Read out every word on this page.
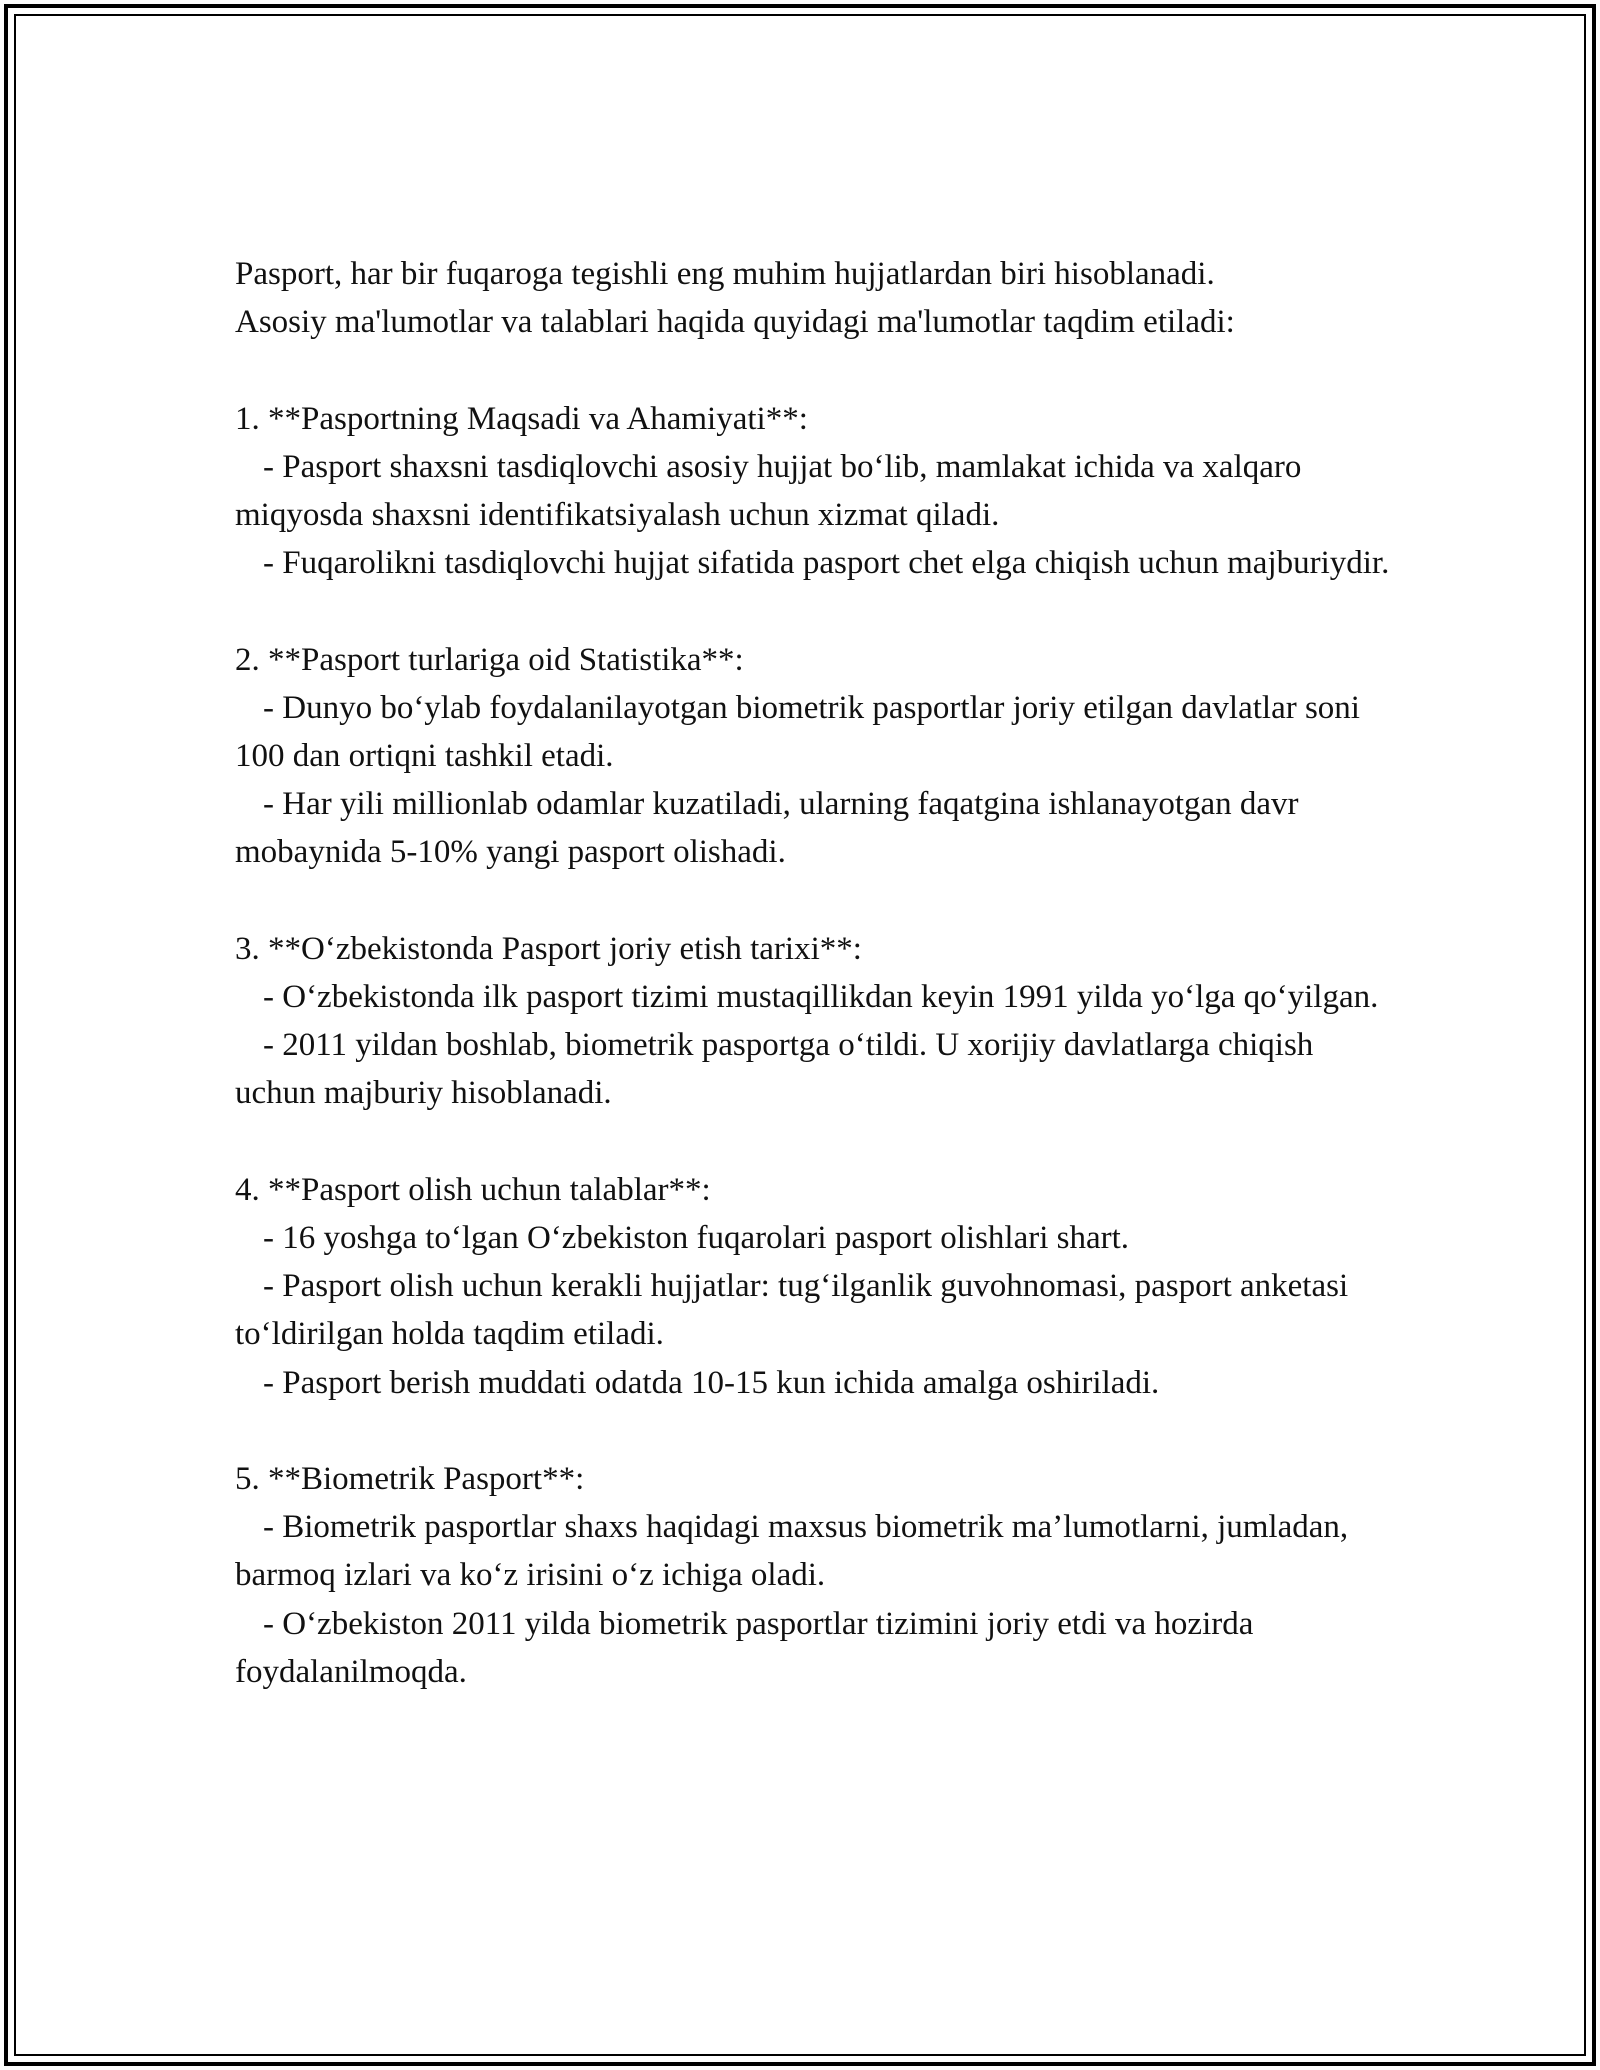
Pasport, har bir fuqaroga tegishli eng muhim hujjatlardan biri hisoblanadi.
Asosiy ma'lumotlar va talablari haqida quyidagi ma'lumotlar taqdim etiladi:
1. **Pasportning Maqsadi va Ahamiyati**:
- Pasport shaxsni tasdiqlovchi asosiy hujjat bo‘lib, mamlakat ichida va xalqaro miqyosda shaxsni identifikatsiyalash uchun xizmat qiladi.
- Fuqarolikni tasdiqlovchi hujjat sifatida pasport chet elga chiqish uchun majburiydir.
2. **Pasport turlariga oid Statistika**:
- Dunyo bo‘ylab foydalanilayotgan biometrik pasportlar joriy etilgan davlatlar soni 100 dan ortiqni tashkil etadi.
- Har yili millionlab odamlar kuzatiladi, ularning faqatgina ishlanayotgan davr mobaynida 5-10% yangi pasport olishadi.
3. **O‘zbekistonda Pasport joriy etish tarixi**:
- O‘zbekistonda ilk pasport tizimi mustaqillikdan keyin 1991 yilda yo‘lga qo‘yilgan.
- 2011 yildan boshlab, biometrik pasportga o‘tildi. U xorijiy davlatlarga chiqish uchun majburiy hisoblanadi.
4. **Pasport olish uchun talablar**:
- 16 yoshga to‘lgan O‘zbekiston fuqarolari pasport olishlari shart.
- Pasport olish uchun kerakli hujjatlar: tug‘ilganlik guvohnomasi, pasport anketasi to‘ldirilgan holda taqdim etiladi.
- Pasport berish muddati odatda 10-15 kun ichida amalga oshiriladi.
5. **Biometrik Pasport**:
- Biometrik pasportlar shaxs haqidagi maxsus biometrik ma’lumotlarni, jumladan, barmoq izlari va ko‘z irisini o‘z ichiga oladi.
- O‘zbekiston 2011 yilda biometrik pasportlar tizimini joriy etdi va hozirda foydalanilmoqda.
